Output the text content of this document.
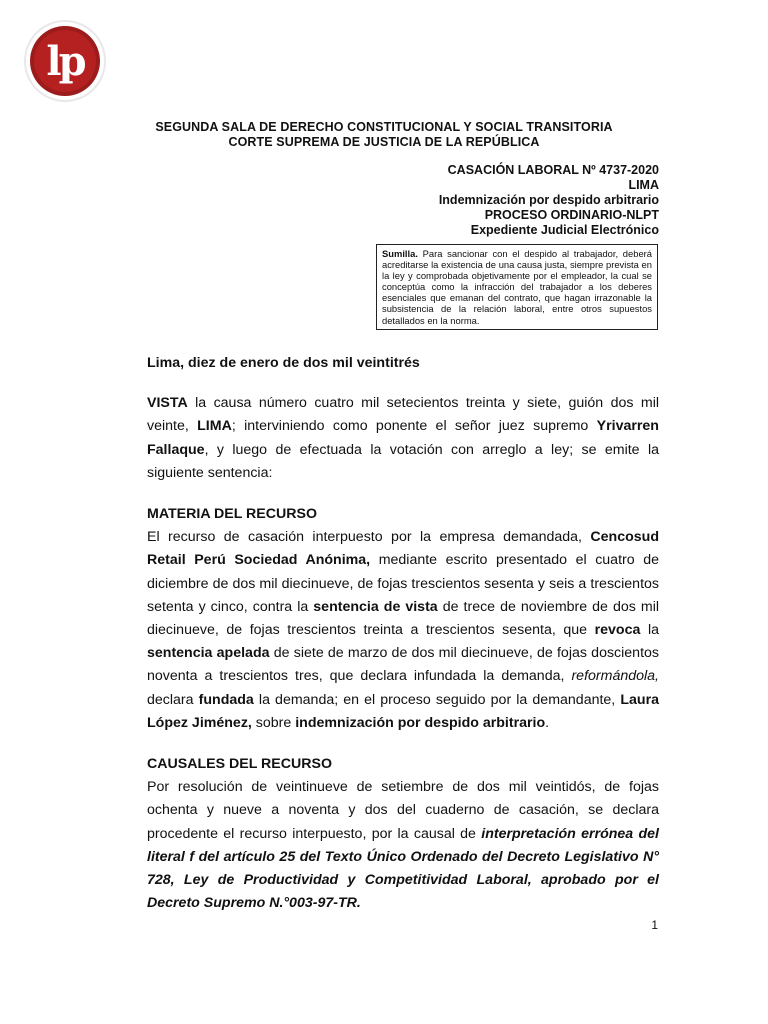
lp
SEGUNDA SALA DE DERECHO CONSTITUCIONAL Y SOCIAL TRANSITORIA
CORTE SUPREMA DE JUSTICIA DE LA REPÚBLICA
CASACIÓN LABORAL Nº 4737-2020
LIMA
Indemnización por despido arbitrario
PROCESO ORDINARIO-NLPT
Expediente Judicial Electrónico
Sumilla. Para sancionar con el despido al trabajador, deberá acreditarse la existencia de una causa justa, siempre prevista en la ley y comprobada objetivamente por el empleador, la cual se conceptúa como la infracción del trabajador a los deberes esenciales que emanan del contrato, que hagan irrazonable la subsistencia de la relación laboral, entre otros supuestos detallados en la norma.

Lima, diez de enero de dos mil veintitrés

VISTA la causa número cuatro mil setecientos treinta y siete, guión dos mil veinte, LIMA; interviniendo como ponente el señor juez supremo Yrivarren Fallaque, y luego de efectuada la votación con arreglo a ley; se emite la siguiente sentencia:

MATERIA DEL RECURSO

El recurso de casación interpuesto por la empresa demandada, Cencosud Retail Perú Sociedad Anónima, mediante escrito presentado el cuatro de diciembre de dos mil diecinueve, de fojas trescientos sesenta y seis a trescientos setenta y cinco, contra la sentencia de vista de trece de noviembre de dos mil diecinueve, de fojas trescientos treinta a trescientos sesenta, que revoca la sentencia apelada de siete de marzo de dos mil diecinueve, de fojas doscientos noventa a trescientos tres, que declara infundada la demanda, reformándola, declara fundada la demanda; en el proceso seguido por la demandante, Laura López Jiménez, sobre indemnización por despido arbitrario.

CAUSALES DEL RECURSO

Por resolución de veintinueve de setiembre de dos mil veintidós, de fojas ochenta y nueve a noventa y dos del cuaderno de casación, se declara procedente el recurso interpuesto, por la causal de interpretación errónea del literal f del artículo 25 del Texto Único Ordenado del Decreto Legislativo N° 728, Ley de Productividad y Competitividad Laboral, aprobado por el Decreto Supremo N.°003-97-TR.

1
